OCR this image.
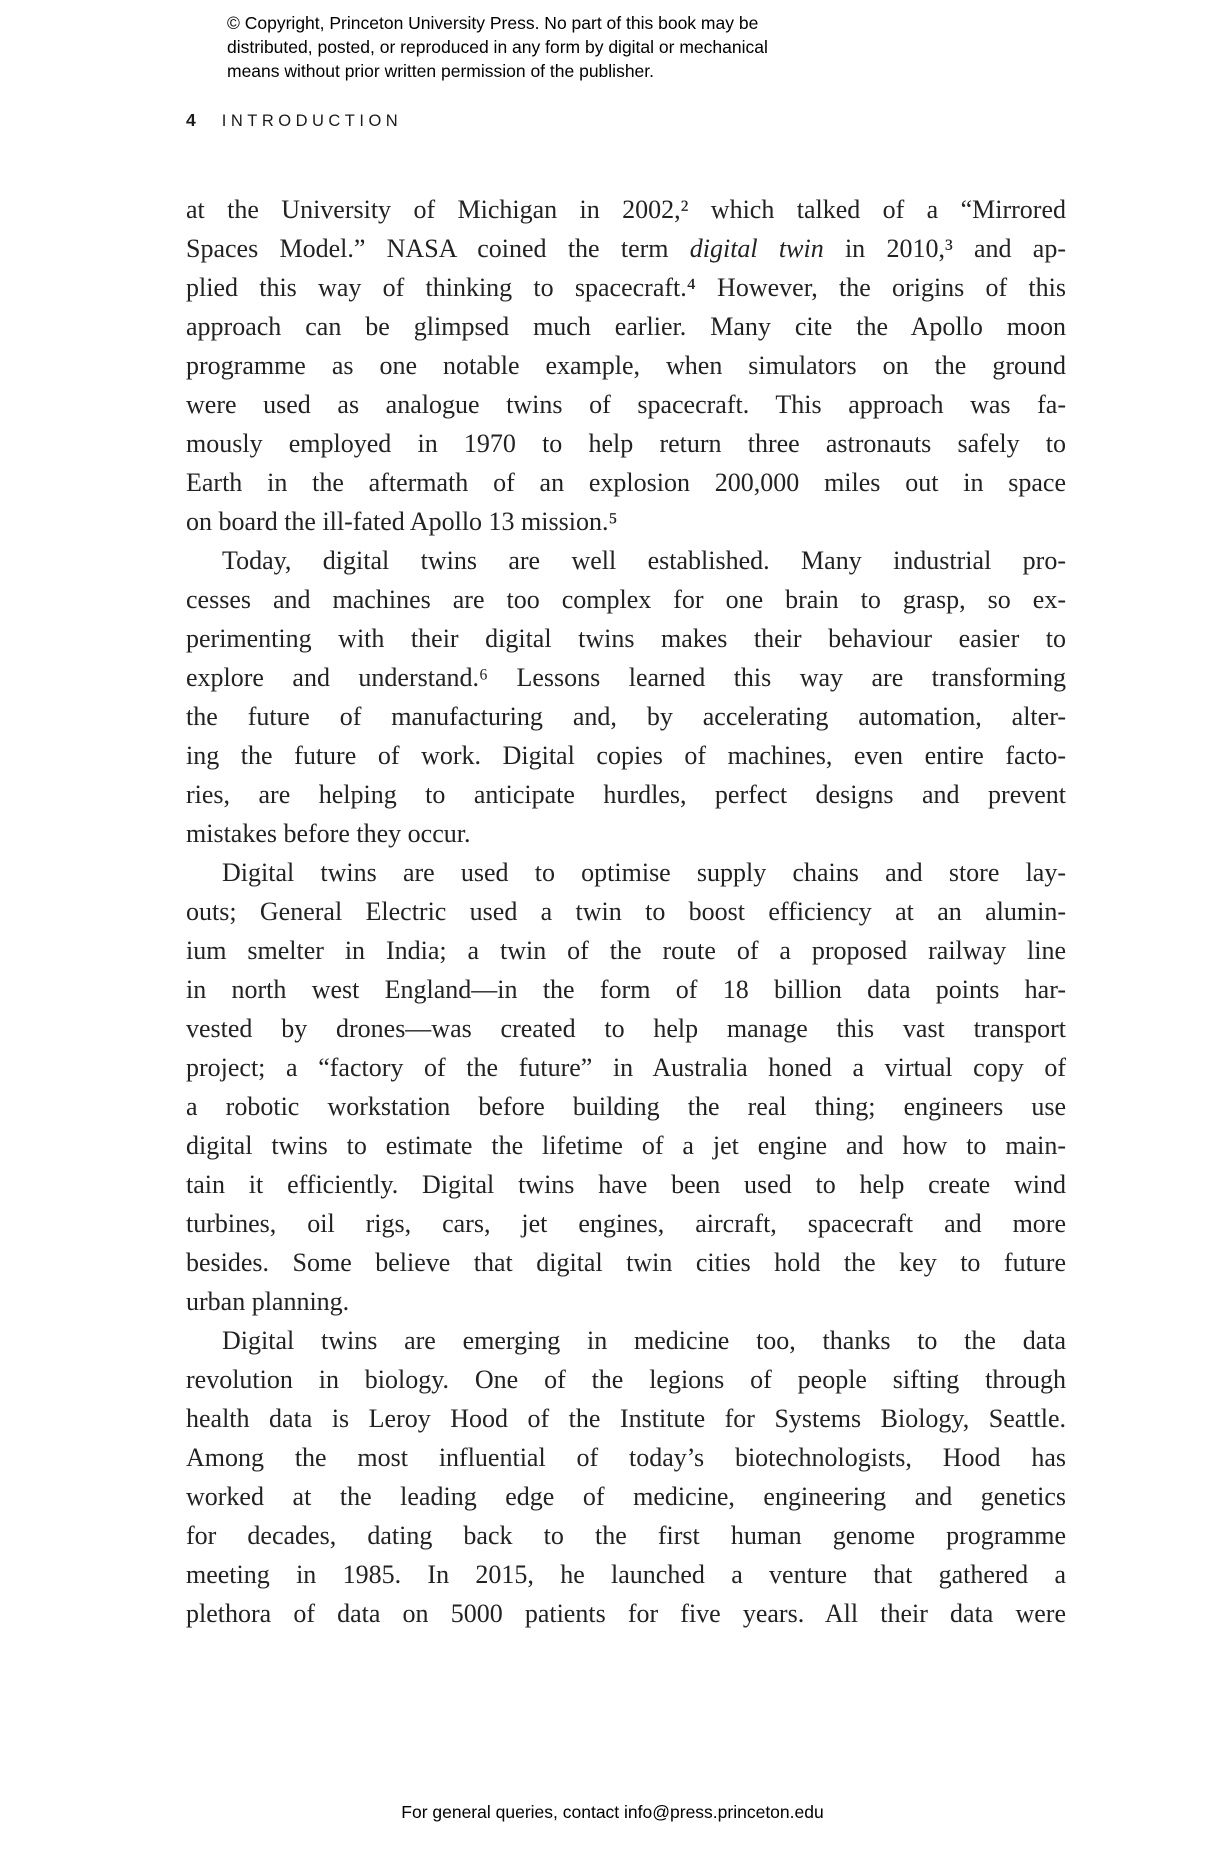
© Copyright, Princeton University Press. No part of this book may be
distributed, posted, or reproduced in any form by digital or mechanical
means without prior written permission of the publisher.
4 INTRODUCTION
at the University of Michigan in 2002,² which talked of a “Mirrored
Spaces Model.” NASA coined the term digital twin in 2010,³ and ap-
plied this way of thinking to spacecraft.⁴ However, the origins of this
approach can be glimpsed much earlier. Many cite the Apollo moon
programme as one notable example, when simulators on the ground
were used as analogue twins of spacecraft. This approach was fa-
mously employed in 1970 to help return three astronauts safely to
Earth in the aftermath of an explosion 200,000 miles out in space
on board the ill-fated Apollo 13 mission.⁵
Today, digital twins are well established. Many industrial pro-
cesses and machines are too complex for one brain to grasp, so ex-
perimenting with their digital twins makes their behaviour easier to
explore and understand.⁶ Lessons learned this way are transforming
the future of manufacturing and, by accelerating automation, alter-
ing the future of work. Digital copies of machines, even entire facto-
ries, are helping to anticipate hurdles, perfect designs and prevent
mistakes before they occur.
Digital twins are used to optimise supply chains and store lay-
outs; General Electric used a twin to boost efficiency at an alumin-
ium smelter in India; a twin of the route of a proposed railway line
in north west England—in the form of 18 billion data points har-
vested by drones—was created to help manage this vast transport
project; a “factory of the future” in Australia honed a virtual copy of
a robotic workstation before building the real thing; engineers use
digital twins to estimate the lifetime of a jet engine and how to main-
tain it efficiently. Digital twins have been used to help create wind
turbines, oil rigs, cars, jet engines, aircraft, spacecraft and more
besides. Some believe that digital twin cities hold the key to future
urban planning.
Digital twins are emerging in medicine too, thanks to the data
revolution in biology. One of the legions of people sifting through
health data is Leroy Hood of the Institute for Systems Biology, Seattle.
Among the most influential of today’s biotechnologists, Hood has
worked at the leading edge of medicine, engineering and genetics
for decades, dating back to the first human genome programme
meeting in 1985. In 2015, he launched a venture that gathered a
plethora of data on 5000 patients for five years. All their data were
For general queries, contact info@press.princeton.edu
